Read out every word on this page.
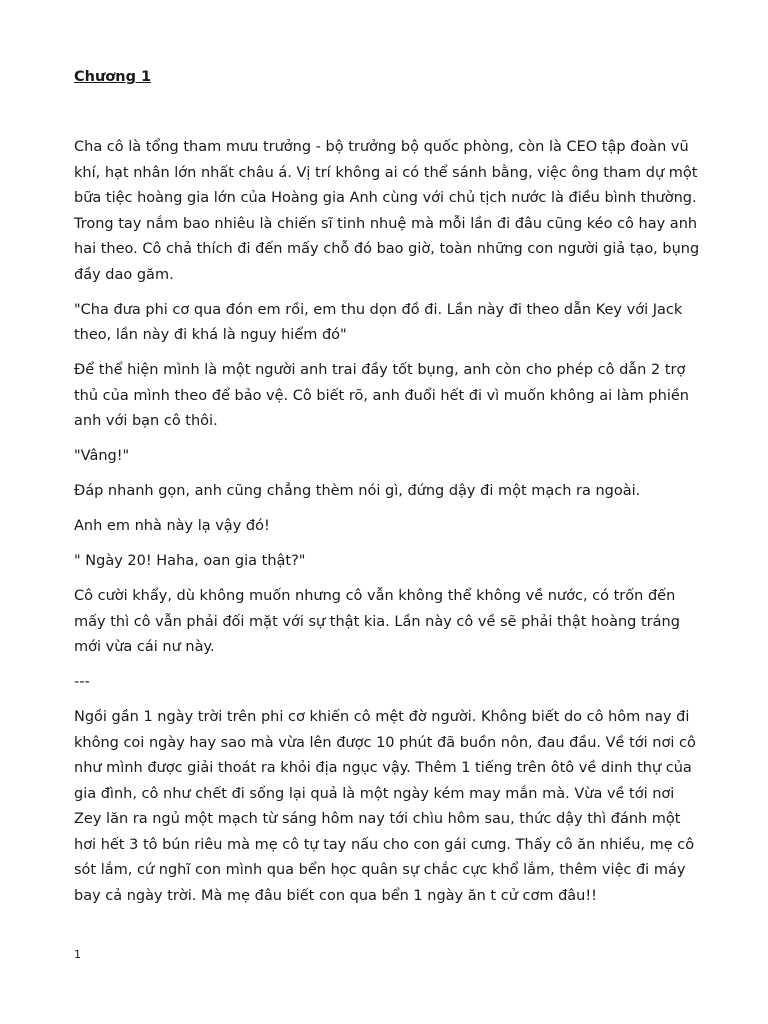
Chương 1

Cha cô là tổng tham mưu trưởng - bộ trưởng bộ quốc phòng, còn là CEO tập đoàn vũ khí, hạt nhân lớn nhất châu á. Vị trí không ai có thể sánh bằng, việc ông tham dự một bữa tiệc hoàng gia lớn của Hoàng gia Anh cùng với chủ tịch nước là điều bình thường. Trong tay nắm bao nhiêu là chiến sĩ tinh nhuệ mà mỗi lần đi đâu cũng kéo cô hay anh hai theo. Cô chả thích đi đến mấy chỗ đó bao giờ, toàn những con người giả tạo, bụng đầy dao găm.

"Cha đưa phi cơ qua đón em rồi, em thu dọn đồ đi. Lần này đi theo dẫn Key với Jack theo, lần này đi khá là nguy hiểm đó"

Để thể hiện mình là một người anh trai đầy tốt bụng, anh còn cho phép cô dẫn 2 trợ thủ của mình theo để bảo vệ. Cô biết rõ, anh đuổi hết đi vì muốn không ai làm phiền anh với bạn cô thôi.

"Vâng!"

Đáp nhanh gọn, anh cũng chẳng thèm nói gì, đứng dậy đi một mạch ra ngoài.

Anh em nhà này lạ vậy đó!

" Ngày 20! Haha, oan gia thật?"

Cô cười khẩy, dù không muốn nhưng cô vẫn không thể không về nước, có trốn đến mấy thì cô vẫn phải đối mặt với sự thật kia. Lần này cô về sẽ phải thật hoàng tráng mới vừa cái nư này.

---

Ngồi gần 1 ngày trời trên phi cơ khiến cô mệt đờ người. Không biết do cô hôm nay đi không coi ngày hay sao mà vừa lên được 10 phút đã buồn nôn, đau đầu. Về tới nơi cô như mình được giải thoát ra khỏi địa ngục vậy. Thêm 1 tiếng trên ôtô về dinh thự của gia đình, cô như chết đi sống lại quả là một ngày kém may mắn mà. Vừa về tới nơi Zey lăn ra ngủ một mạch từ sáng hôm nay tới chìu hôm sau, thức dậy thì đánh một hơi hết 3 tô bún riêu mà mẹ cô tự tay nấu cho con gái cưng. Thấy cô ăn nhiều, mẹ cô sót lắm, cứ nghĩ con mình qua bển học quân sự chắc cực khổ lắm, thêm việc đi máy bay cả ngày trời. Mà mẹ đâu biết con qua bển 1 ngày ăn t cử cơm đâu!!

1
